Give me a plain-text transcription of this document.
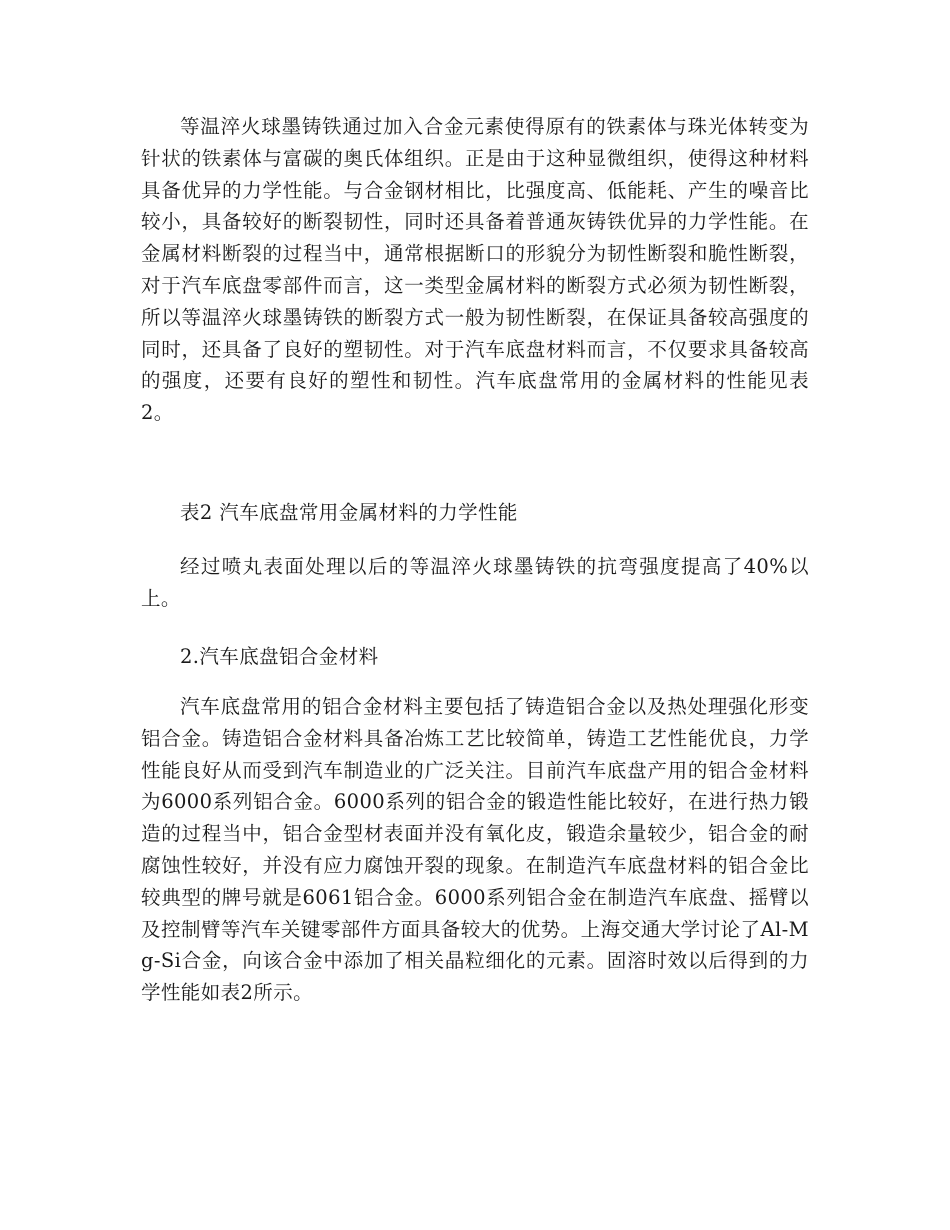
等温淬火球墨铸铁通过加入合金元素使得原有的铁素体与珠光体转变为针状的铁素体与富碳的奥氏体组织。正是由于这种显微组织，使得这种材料具备优异的力学性能。与合金钢材相比，比强度高、低能耗、产生的噪音比较小，具备较好的断裂韧性，同时还具备着普通灰铸铁优异的力学性能。在金属材料断裂的过程当中，通常根据断口的形貌分为韧性断裂和脆性断裂，对于汽车底盘零部件而言，这一类型金属材料的断裂方式必须为韧性断裂，所以等温淬火球墨铸铁的断裂方式一般为韧性断裂，在保证具备较高强度的同时，还具备了良好的塑韧性。对于汽车底盘材料而言，不仅要求具备较高的强度，还要有良好的塑性和韧性。汽车底盘常用的金属材料的性能见表2。

表2 汽车底盘常用金属材料的力学性能

经过喷丸表面处理以后的等温淬火球墨铸铁的抗弯强度提高了40%以上。

2.汽车底盘铝合金材料

汽车底盘常用的铝合金材料主要包括了铸造铝合金以及热处理强化形变铝合金。铸造铝合金材料具备冶炼工艺比较简单，铸造工艺性能优良，力学性能良好从而受到汽车制造业的广泛关注。目前汽车底盘产用的铝合金材料为6000系列铝合金。6000系列的铝合金的锻造性能比较好，在进行热力锻造的过程当中，铝合金型材表面并没有氧化皮，锻造余量较少，铝合金的耐腐蚀性较好，并没有应力腐蚀开裂的现象。在制造汽车底盘材料的铝合金比较典型的牌号就是6061铝合金。6000系列铝合金在制造汽车底盘、摇臂以及控制臂等汽车关键零部件方面具备较大的优势。上海交通大学讨论了Al-Mg-Si合金，向该合金中添加了相关晶粒细化的元素。固溶时效以后得到的力学性能如表2所示。
